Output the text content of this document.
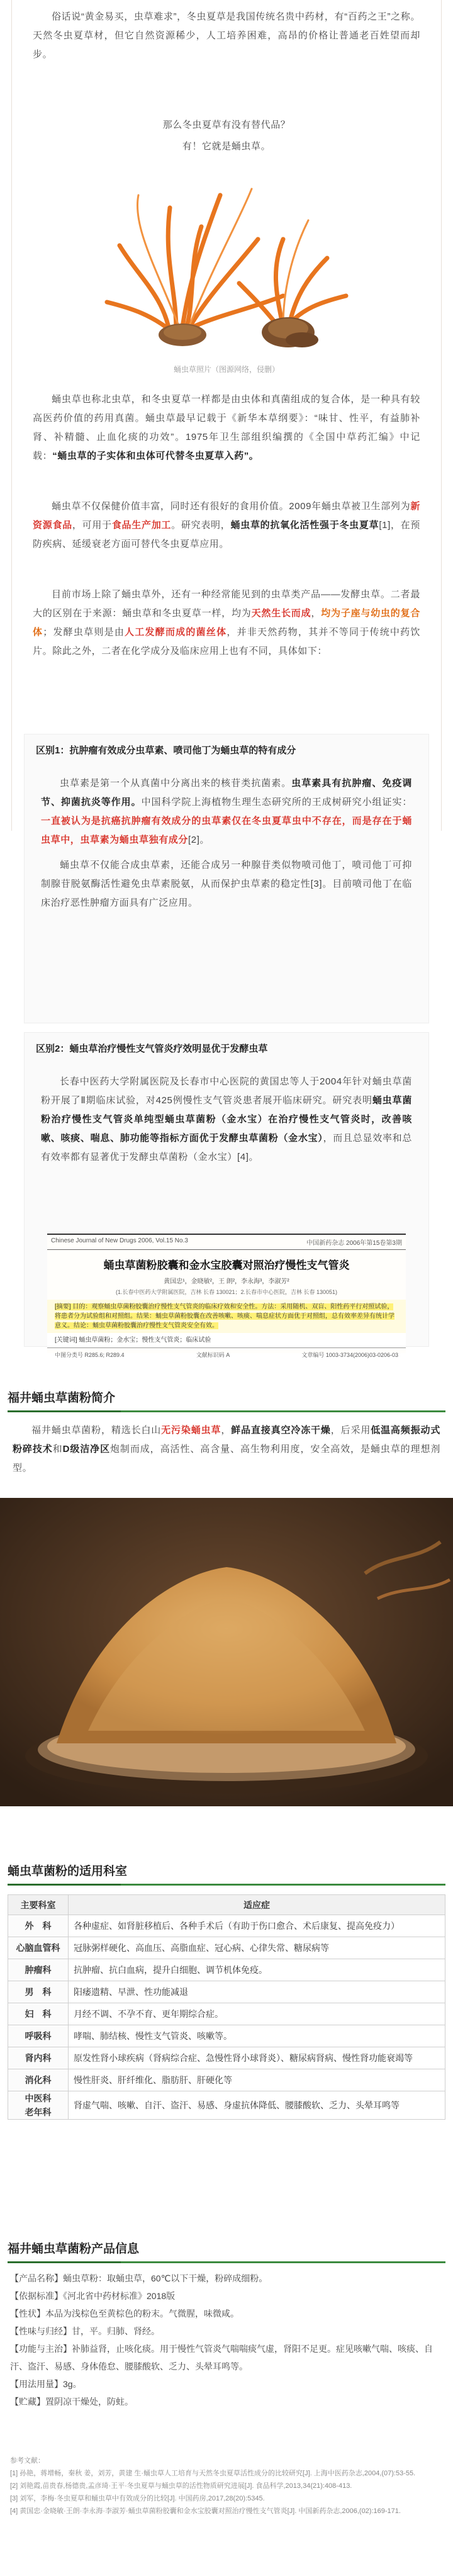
俗话说“黄金易买，虫草难求”，冬虫夏草是我国传统名贵中药材，有“百药之王”之称。天然冬虫夏草材，但它自然资源稀少，人工培养困难，高昂的价格让普通老百姓望而却步。
那么冬虫夏草有没有替代品？
有！它就是蛹虫草。
蛹虫草照片（图源网络，侵删）
蛹虫草也称北虫草，和冬虫夏草一样都是由虫体和真菌组成的复合体，是一种具有较高医药价值的药用真菌。蛹虫草最早记载于《新华本草纲要》：“味甘、性平，有益肺补肾、补精髓、止血化痰的功效”。1975年卫生部组织编撰的《全国中草药汇编》中记载：“蛹虫草的子实体和虫体可代替冬虫夏草入药”。
蛹虫草不仅保健价值丰富，同时还有很好的食用价值。2009年蛹虫草被卫生部列为新资源食品，可用于食品生产加工。研究表明，蛹虫草的抗氧化活性强于冬虫夏草[1]，在预防疾病、延缓衰老方面可替代冬虫夏草应用。
目前市场上除了蛹虫草外，还有一种经常能见到的虫草类产品——发酵虫草。二者最大的区别在于来源：蛹虫草和冬虫夏草一样，均为天然生长而成，均为子座与幼虫的复合体；发酵虫草则是由人工发酵而成的菌丝体，并非天然药物，其并不等同于传统中药饮片。除此之外，二者在化学成分及临床应用上也有不同，具体如下：
区别1：抗肿瘤有效成分虫草素、喷司他丁为蛹虫草的特有成分
虫草素是第一个从真菌中分离出来的核苷类抗菌素。虫草素具有抗肿瘤、免疫调节、抑菌抗炎等作用。中国科学院上海植物生理生态研究所的王成树研究小组证实：一直被认为是抗癌抗肿瘤有效成分的虫草素仅在冬虫夏草虫中不存在，而是存在于蛹虫草中，虫草素为蛹虫草独有成分[2]。
蛹虫草不仅能合成虫草素，还能合成另一种腺苷类似物喷司他丁，喷司他丁可抑制腺苷脱氨酶活性避免虫草素脱氨，从而保护虫草素的稳定性[3]。目前喷司他丁在临床治疗恶性肿瘤方面具有广泛应用。
区别2：蛹虫草治疗慢性支气管炎疗效明显优于发酵虫草
长春中医药大学附属医院及长春市中心医院的黄国忠等人于2004年针对蛹虫草菌粉开展了Ⅱ期临床试验，对425例慢性支气管炎患者展开临床研究。研究表明蛹虫草菌粉治疗慢性支气管炎单纯型蛹虫草菌粉（金水宝）在治疗慢性支气管炎时，改善咳嗽、咳痰、喘息、肺功能等指标方面优于发酵虫草菌粉（金水宝），而且总显效率和总有效率都有显著优于发酵虫草菌粉（金水宝）[4]。
Chinese Journal of New Drugs 2006, Vol.15 No.3	中国新药杂志 2006年第15卷第3期
蛹虫草菌粉胶囊和金水宝胶囊对照治疗慢性支气管炎
黄国忠¹，金晓敏²，王 朗²，李永海³，李淑芳²
(1.长春中医药大学附属医院，吉林 长春 130021；2.长春市中心医院，吉林 长春 130051)
[摘要] 目的：观察蛹虫草菌粉胶囊治疗慢性支气管炎的临床疗效和安全性。方法：采用随机、双盲、阳性药平行对照试验，将患者分为试验组和对照组。结果：蛹虫草菌粉胶囊在改善咳嗽、咳痰、喘息症状方面优于对照组，总有效率差异有统计学意义。结论：蛹虫草菌粉胶囊治疗慢性支气管炎安全有效。
[关键词] 蛹虫草菌粉；金水宝；慢性支气管炎；临床试验
中图分类号 R285.6; R289.4	文献标识码 A	文章编号 1003-3734(2006)03-0206-03
福井蛹虫草菌粉简介
福井蛹虫草菌粉，精选长白山无污染蛹虫草，鲜品直接真空冷冻干燥，后采用低温高频振动式粉碎技术和D级洁净区炮制而成，高活性、高含量、高生物利用度，安全高效，是蛹虫草的理想剂型。
蛹虫草菌粉的适用科室
主要科室	适应症
外　科	各种虚症、如肾脏移植后、各种手术后（有助于伤口愈合、术后康复、提高免疫力）
心脑血管科	冠脉粥样硬化、高血压、高脂血症、冠心病、心律失常、糖尿病等
肿瘤科	抗肿瘤、抗白血病，提升白细胞、调节机体免疫。
男　科	阳痿遗精、早泄、性功能减退
妇　科	月经不调、不孕不育、更年期综合症。
呼吸科	哮喘、肺结核、慢性支气管炎、咳嗽等。
肾内科	原发性肾小球疾病（肾病综合症、急慢性肾小球肾炎）、糖尿病肾病、慢性肾功能衰竭等
消化科	慢性肝炎、肝纤维化、脂肪肝、肝硬化等
中医科
老年科	肾虚气喘、咳嗽、自汗、盗汗、易感、身虚抗体降低、腰膝酸软、乏力、头晕耳鸣等
福井蛹虫草菌粉产品信息
【产品名称】蛹虫草粉：取蛹虫草，60℃以下干燥，粉碎成细粉。
【依据标准】《河北省中药材标准》2018版
【性状】本品为浅棕色至黄棕色的粉末。气微腥，味微咸。
【性味与归经】甘，平。归肺、肾经。
【功能与主治】补肺益肾，止咳化痰。用于慢性气管炎气喘喘痰气虚，肾阳不足更。症见咳嗽气喘、咳痰、自汗、盗汗、易感、身体倦怠、腰膝酸软、乏力、头晕耳鸣等。
【用法用量】3g。
【贮藏】置阴凉干燥处，防蛀。
参考文献：
[1] 孙艳，蒋增畅，秦秋 姜，刘芳，黄建 生·蛹虫草人工培育与天然冬虫夏草活性成分的比较研究[J]. 上海中医药杂志,2004,(07):53-55.
[2] 刘艳霞,苗贵春,杨德贵,孟彦琦·王平·冬虫夏草与蛹虫草的活性物质研究进展[J]. 食品科学,2013,34(21):408-413.
[3] 刘军，李梅·冬虫夏草和蛹虫草中有效成分的比较[J]. 中国药房,2017,28(20):5345.
[4] 黄国忠·金晓敏·王朗·李永海·李淑芳·蛹虫草菌粉胶囊和金水宝胶囊对照治疗慢性支气管炎[J]. 中国新药杂志,2006,(02):169-171.
